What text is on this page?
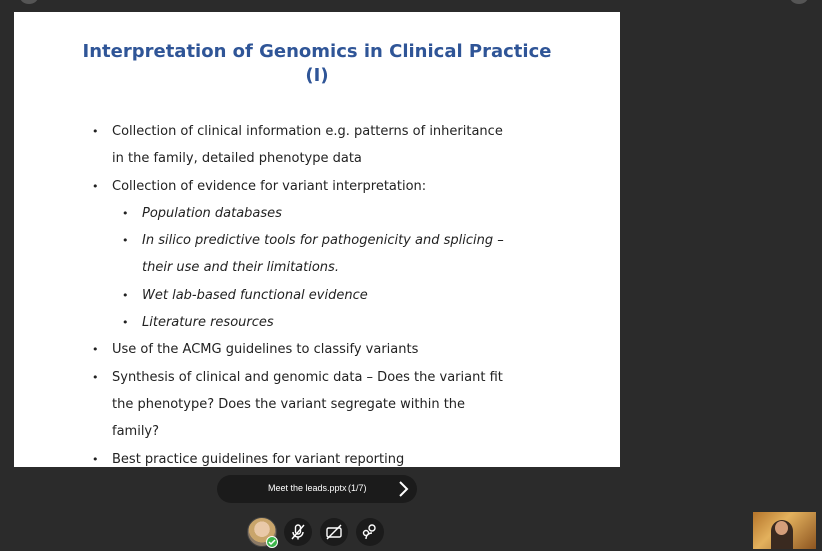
Interpretation of Genomics in Clinical Practice
(I)
• Collection of clinical information e.g. patterns of inheritance in the family, detailed phenotype data
• Collection of evidence for variant interpretation:
• Population databases
• In silico predictive tools for pathogenicity and splicing – their use and their limitations.
• Wet lab-based functional evidence
• Literature resources
• Use of the ACMG guidelines to classify variants
• Synthesis of clinical and genomic data – Does the variant fit the phenotype? Does the variant segregate within the family?
• Best practice guidelines for variant reporting
Meet the leads.pptx (1/7)
